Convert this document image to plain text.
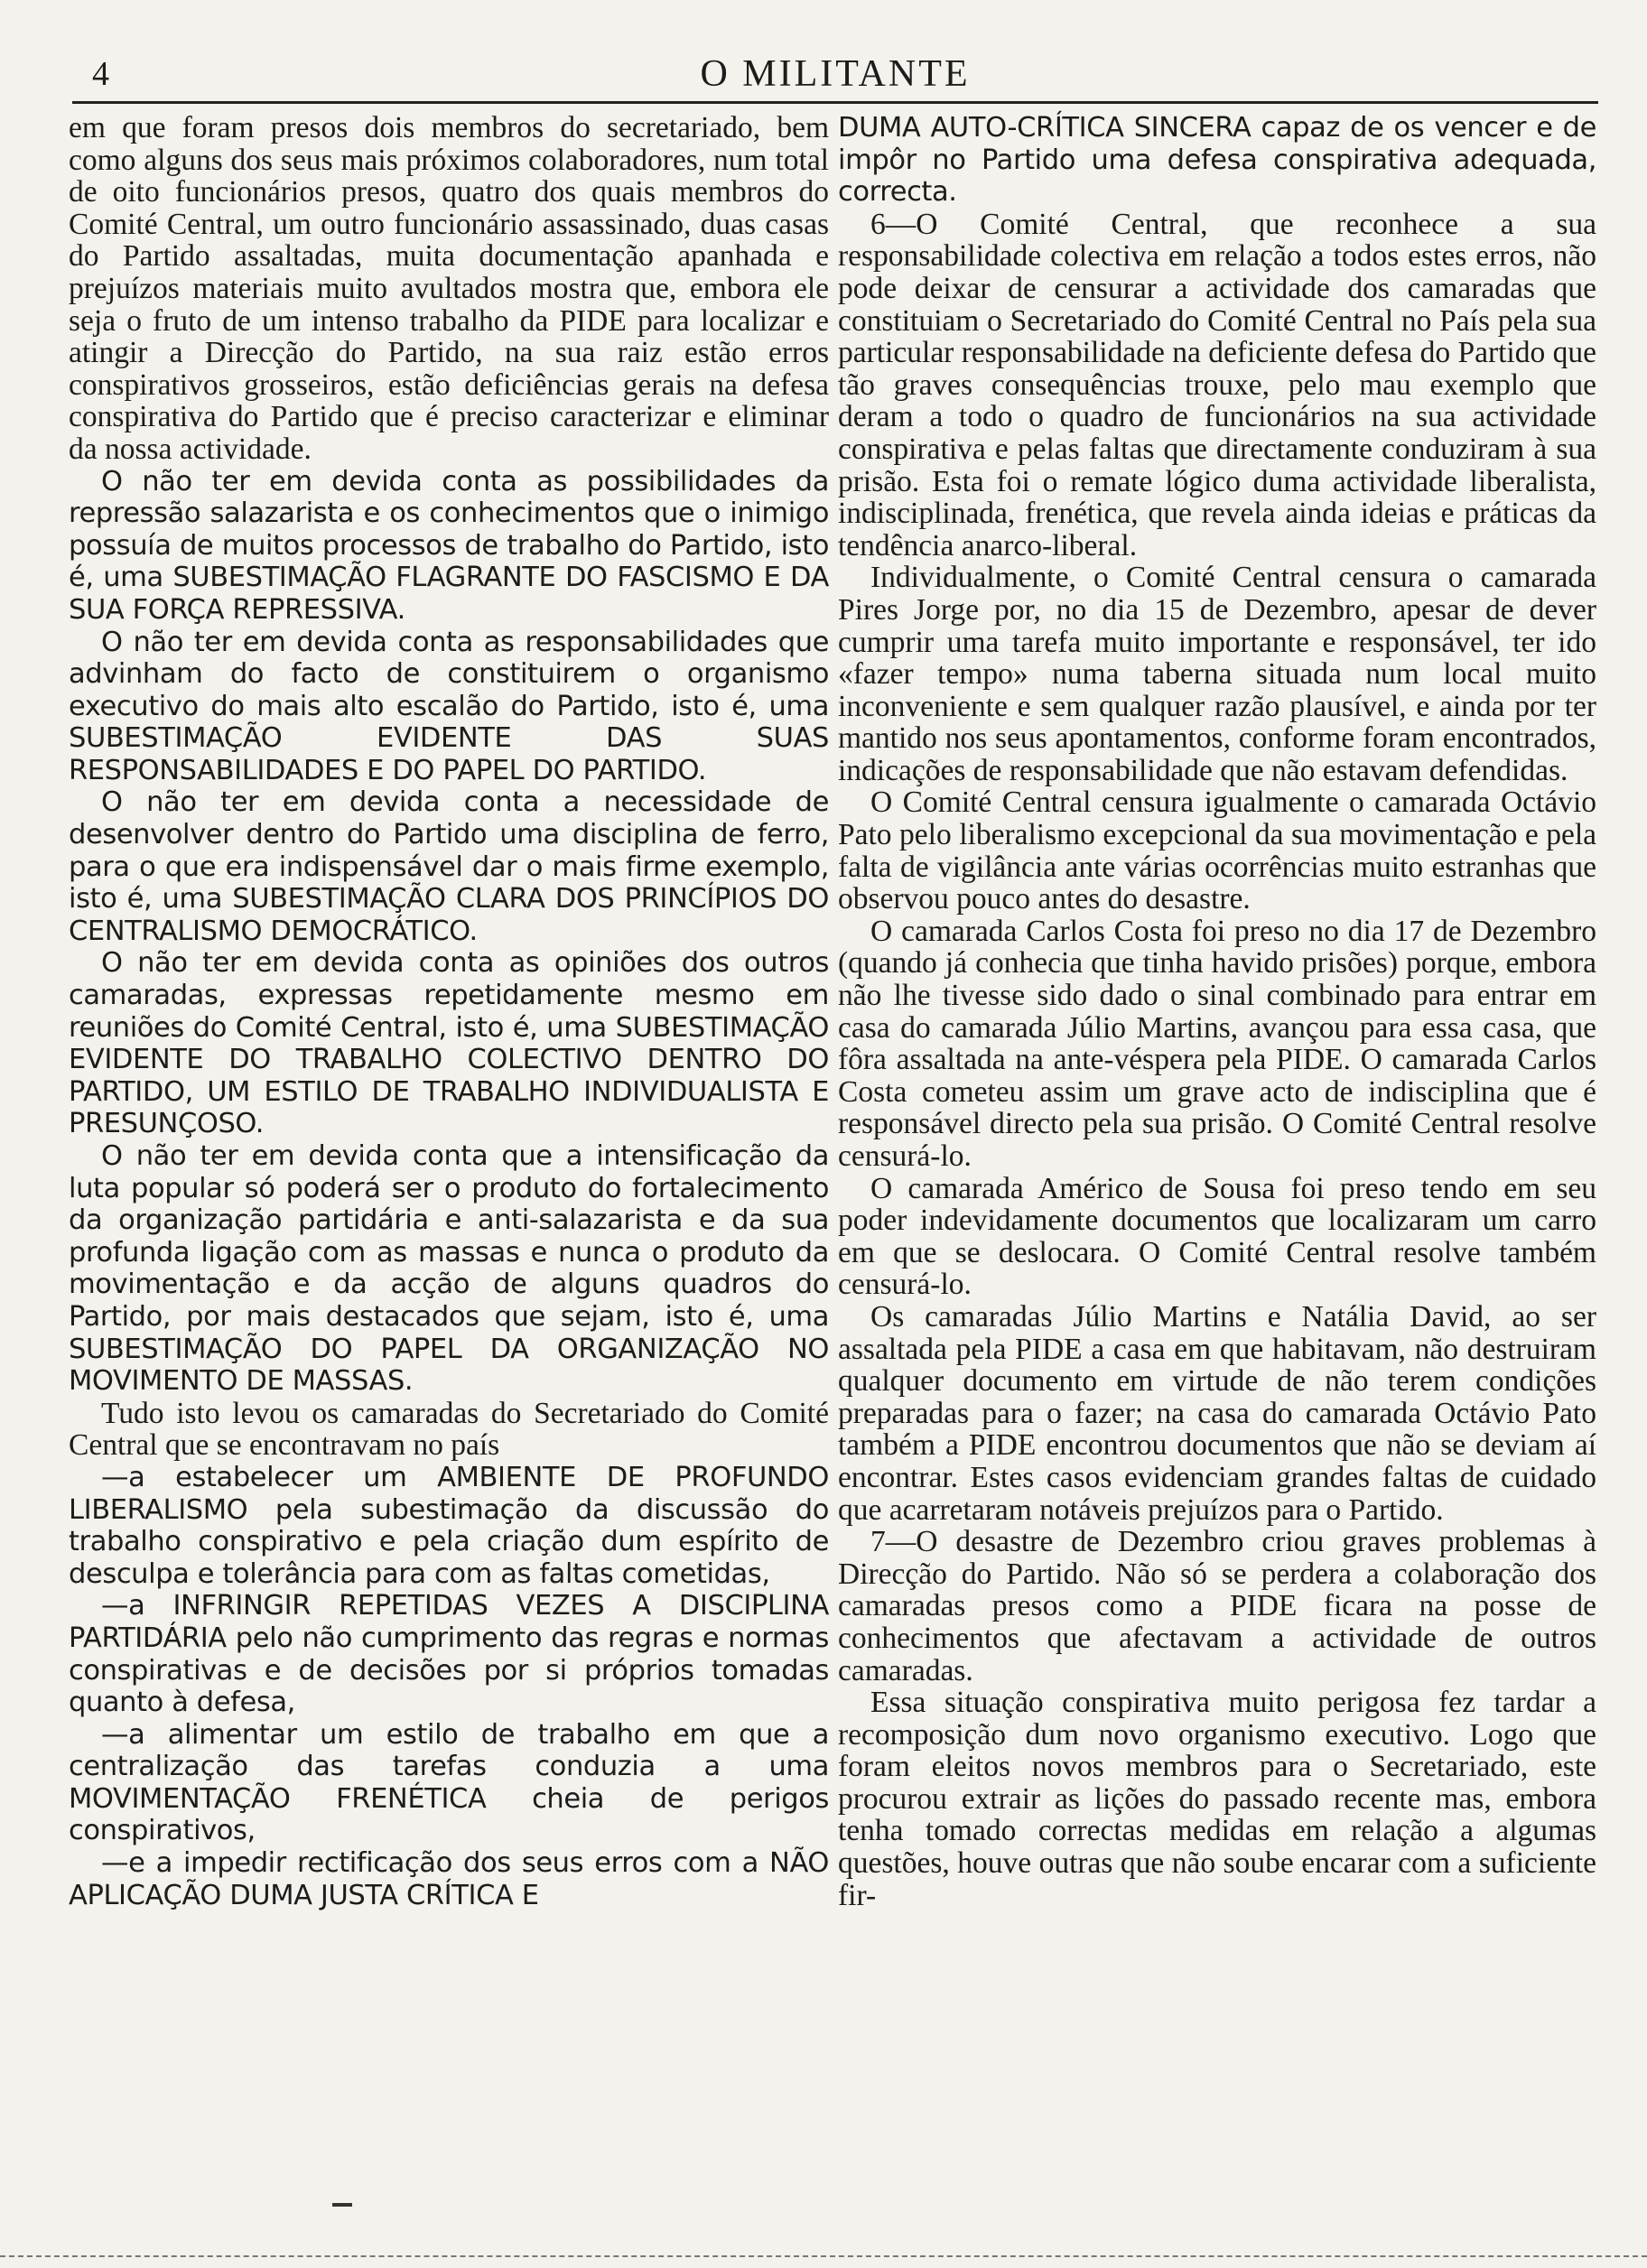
4	O MILITANTE

em que foram presos dois membros do secretariado, bem como alguns dos seus mais próximos colaboradores, num total de oito funcionários presos, quatro dos quais membros do Comité Central, um outro funcionário assassinado, duas casas do Partido assaltadas, muita documentação apanhada e prejuízos materiais muito avultados mostra que, embora ele seja o fruto de um intenso trabalho da PIDE para localizar e atingir a Direcção do Partido, na sua raiz estão erros conspirativos grosseiros, estão deficiências gerais na defesa conspirativa do Partido que é preciso caracterizar e eliminar da nossa actividade.

O não ter em devida conta as possibilidades da repressão salazarista e os conhecimentos que o inimigo possuía de muitos processos de trabalho do Partido, isto é, uma SUBESTIMAÇÃO FLAGRANTE DO FASCISMO E DA SUA FORÇA REPRESSIVA.

O não ter em devida conta as responsabilidades que advinham do facto de constituirem o organismo executivo do mais alto escalão do Partido, isto é, uma SUBESTIMAÇÃO EVIDENTE DAS SUAS RESPONSABILIDADES E DO PAPEL DO PARTIDO.

O não ter em devida conta a necessidade de desenvolver dentro do Partido uma disciplina de ferro, para o que era indispensável dar o mais firme exemplo, isto é, uma SUBESTIMAÇÃO CLARA DOS PRINCÍPIOS DO CENTRALISMO DEMOCRÁTICO.

O não ter em devida conta as opiniões dos outros camaradas, expressas repetidamente mesmo em reuniões do Comité Central, isto é, uma SUBESTIMAÇÃO EVIDENTE DO TRABALHO COLECTIVO DENTRO DO PARTIDO, UM ESTILO DE TRABALHO INDIVIDUALISTA E PRESUNÇOSO.

O não ter em devida conta que a intensificação da luta popular só poderá ser o produto do fortalecimento da organização partidária e anti-salazarista e da sua profunda ligação com as massas e nunca o produto da movimentação e da acção de alguns quadros do Partido, por mais destacados que sejam, isto é, uma SUBESTIMAÇÃO DO PAPEL DA ORGANIZAÇÃO NO MOVIMENTO DE MASSAS.

Tudo isto levou os camaradas do Secretariado do Comité Central que se encontravam no país

—a estabelecer um AMBIENTE DE PROFUNDO LIBERALISMO pela subestimação da discussão do trabalho conspirativo e pela criação dum espírito de desculpa e tolerância para com as faltas cometidas,

—a INFRINGIR REPETIDAS VEZES A DISCIPLINA PARTIDÁRIA pelo não cumprimento das regras e normas conspirativas e de decisões por si próprios tomadas quanto à defesa,

—a alimentar um estilo de trabalho em que a centralização das tarefas conduzia a uma MOVIMENTAÇÃO FRENÉTICA cheia de perigos conspirativos,

—e a impedir rectificação dos seus erros com a NÃO APLICAÇÃO DUMA JUSTA CRÍTICA E

DUMA AUTO-CRÍTICA SINCERA capaz de os vencer e de impôr no Partido uma defesa conspirativa adequada, correcta.

6—O Comité Central, que reconhece a sua responsabilidade colectiva em relação a todos estes erros, não pode deixar de censurar a actividade dos camaradas que constituiam o Secretariado do Comité Central no País pela sua particular responsabilidade na deficiente defesa do Partido que tão graves consequências trouxe, pelo mau exemplo que deram a todo o quadro de funcionários na sua actividade conspirativa e pelas faltas que directamente conduziram à sua prisão. Esta foi o remate lógico duma actividade liberalista, indisciplinada, frenética, que revela ainda ideias e práticas da tendência anarco-liberal.

Individualmente, o Comité Central censura o camarada Pires Jorge por, no dia 15 de Dezembro, apesar de dever cumprir uma tarefa muito importante e responsável, ter ido «fazer tempo» numa taberna situada num local muito inconveniente e sem qualquer razão plausível, e ainda por ter mantido nos seus apontamentos, conforme foram encontrados, indicações de responsabilidade que não estavam defendidas.

O Comité Central censura igualmente o camarada Octávio Pato pelo liberalismo excepcional da sua movimentação e pela falta de vigilância ante várias ocorrências muito estranhas que observou pouco antes do desastre.

O camarada Carlos Costa foi preso no dia 17 de Dezembro (quando já conhecia que tinha havido prisões) porque, embora não lhe tivesse sido dado o sinal combinado para entrar em casa do camarada Júlio Martins, avançou para essa casa, que fôra assaltada na ante-véspera pela PIDE. O camarada Carlos Costa cometeu assim um grave acto de indisciplina que é responsável directo pela sua prisão. O Comité Central resolve censurá-lo.

O camarada Américo de Sousa foi preso tendo em seu poder indevidamente documentos que localizaram um carro em que se deslocara. O Comité Central resolve também censurá-lo.

Os camaradas Júlio Martins e Natália David, ao ser assaltada pela PIDE a casa em que habitavam, não destruiram qualquer documento em virtude de não terem condições preparadas para o fazer; na casa do camarada Octávio Pato também a PIDE encontrou documentos que não se deviam aí encontrar. Estes casos evidenciam grandes faltas de cuidado que acarretaram notáveis prejuízos para o Partido.

7—O desastre de Dezembro criou graves problemas à Direcção do Partido. Não só se perdera a colaboração dos camaradas presos como a PIDE ficara na posse de conhecimentos que afectavam a actividade de outros camaradas.

Essa situação conspirativa muito perigosa fez tardar a recomposição dum novo organismo executivo. Logo que foram eleitos novos membros para o Secretariado, este procurou extrair as lições do passado recente mas, embora tenha tomado correctas medidas em relação a algumas questões, houve outras que não soube encarar com a suficiente fir-
